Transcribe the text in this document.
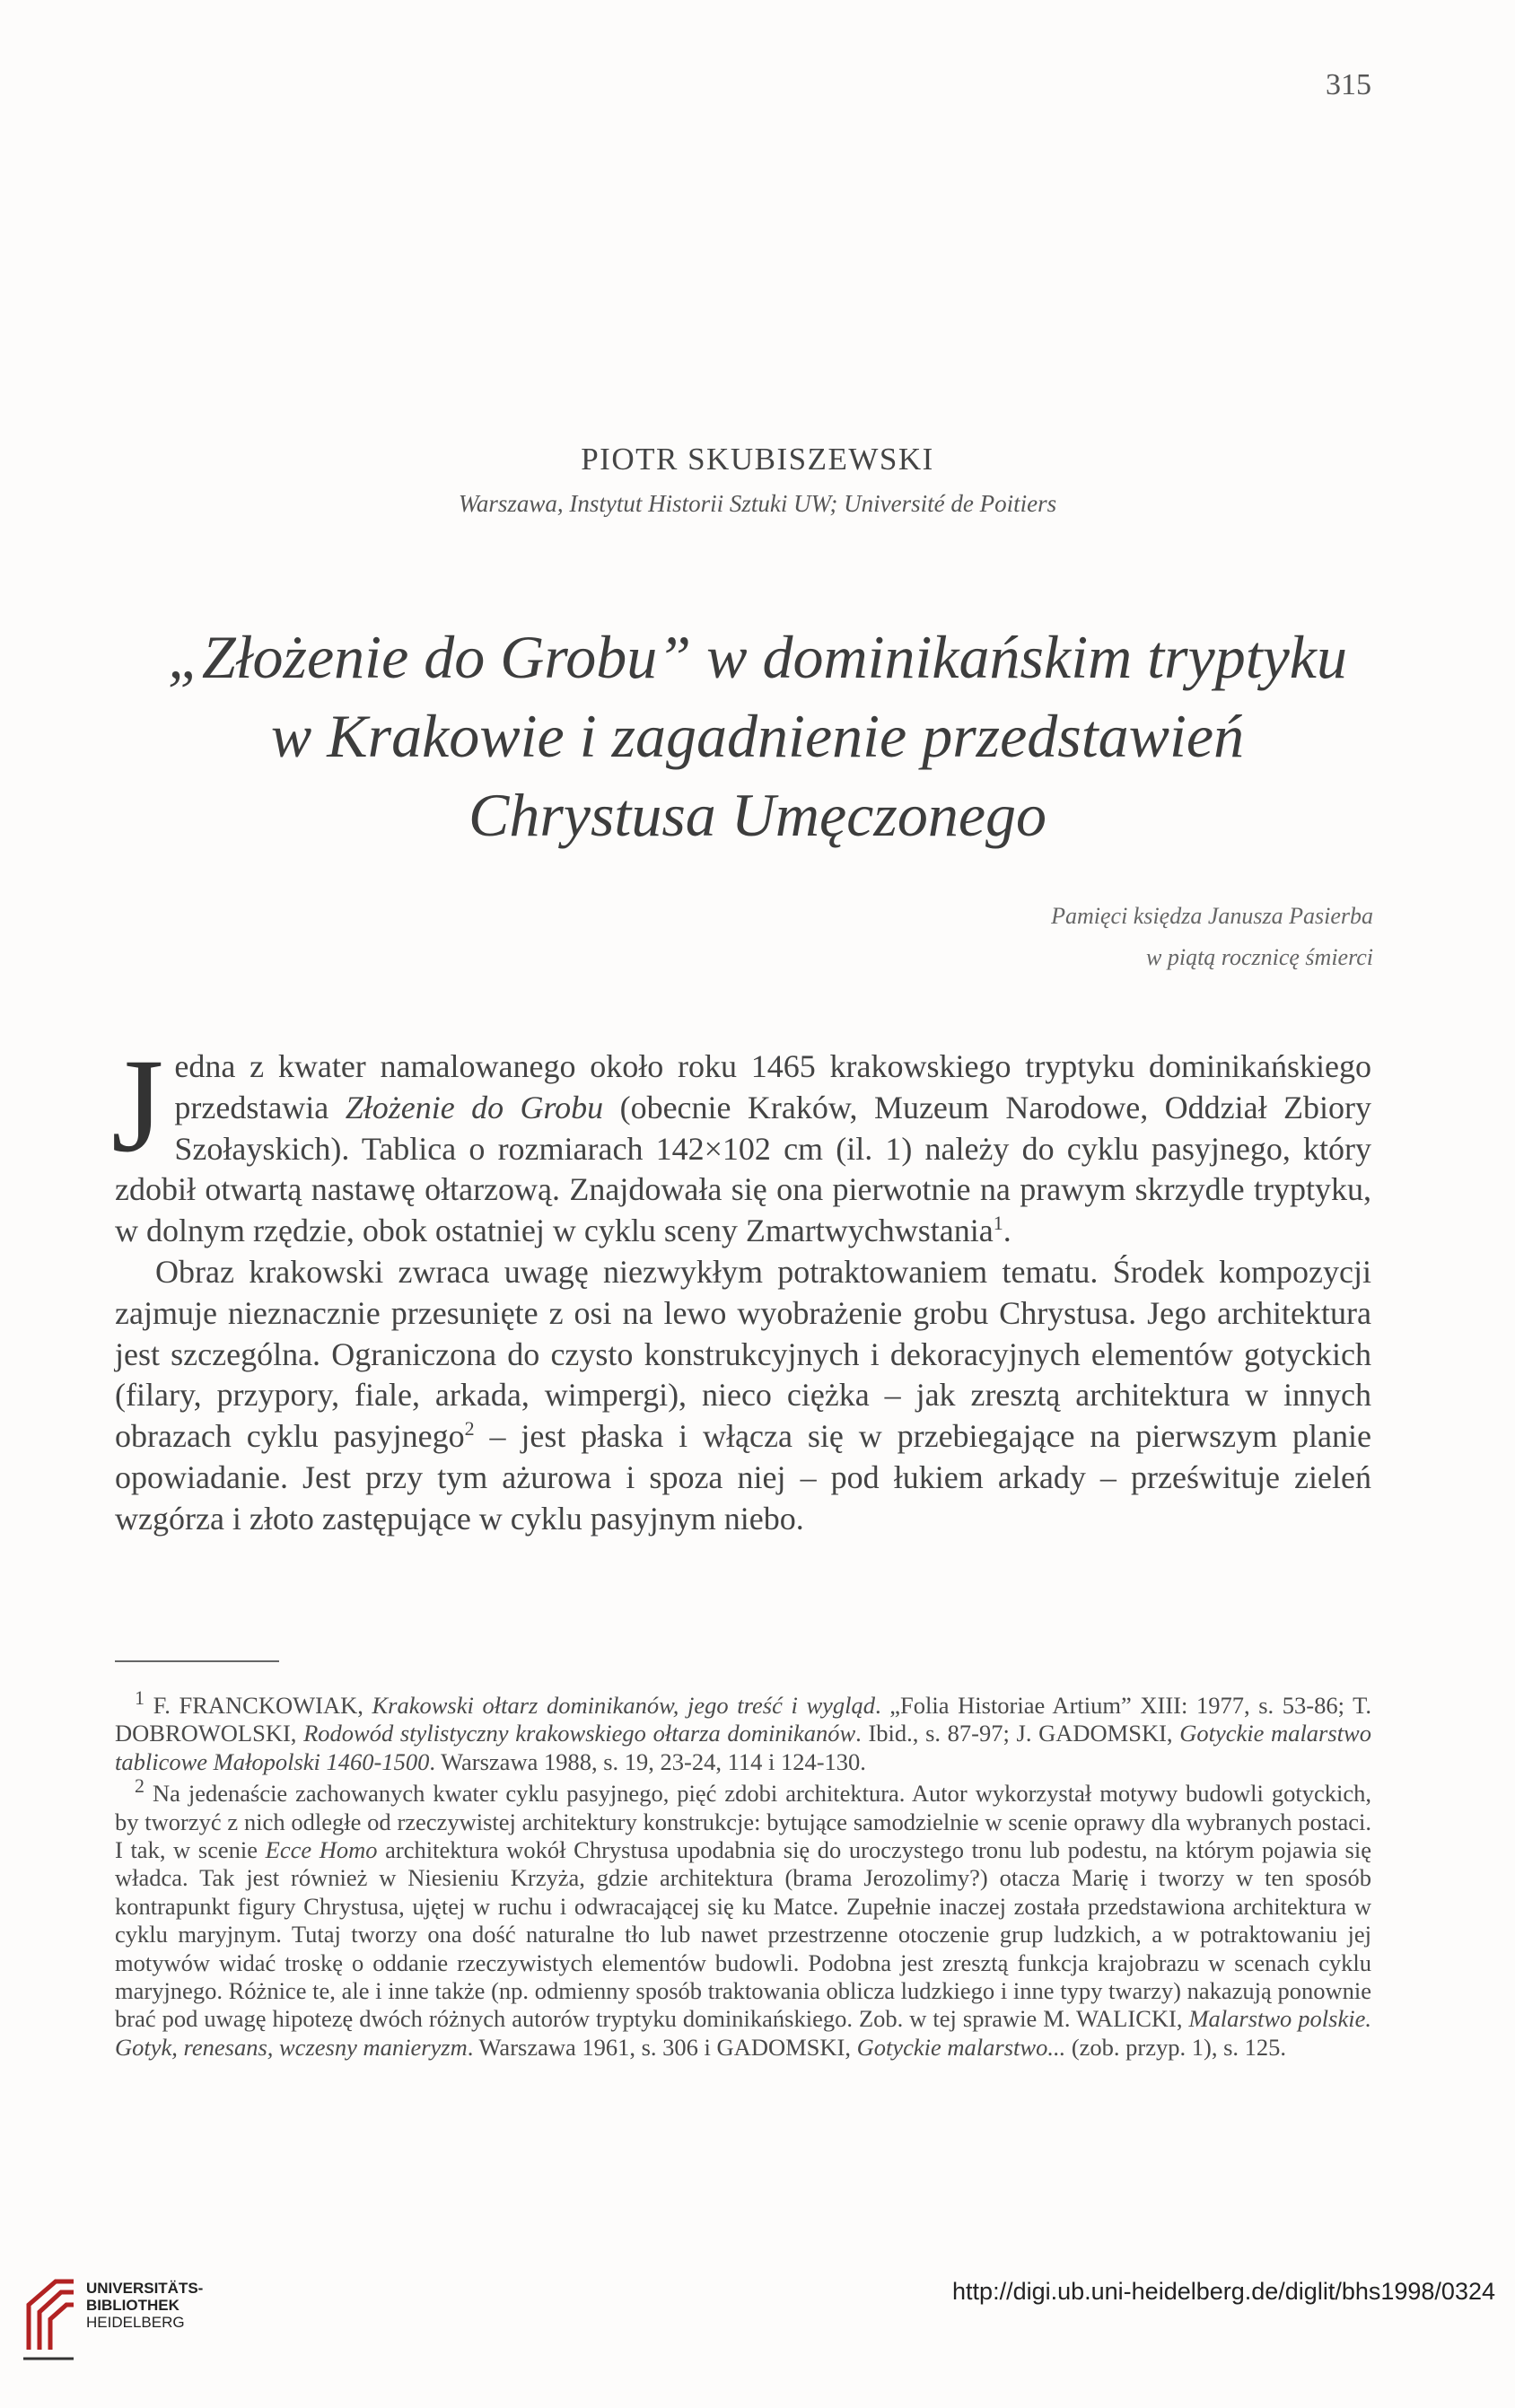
315
PIOTR SKUBISZEWSKI
Warszawa, Instytut Historii Sztuki UW; Université de Poitiers
„Złożenie do Grobu” w dominikańskim tryptyku
w Krakowie i zagadnienie przedstawień
Chrystusa Umęczonego
Pamięci księdza Janusza Pasierba
w piątą rocznicę śmierci

Jedna z kwater namalowanego około roku 1465 krakowskiego tryptyku dominikańskiego przedstawia Złożenie do Grobu (obecnie Kraków, Muzeum Narodowe, Oddział Zbiory Szołayskich). Tablica o rozmiarach 142×102 cm (il. 1) należy do cyklu pasyjnego, który zdobił otwartą nastawę ołtarzową. Znajdowała się ona pierwotnie na prawym skrzydle tryptyku, w dolnym rzędzie, obok ostatniej w cyklu sceny Zmartwychwstania$^1$.

Obraz krakowski zwraca uwagę niezwykłym potraktowaniem tematu. Środek kompozycji zajmuje nieznacznie przesunięte z osi na lewo wyobrażenie grobu Chrystusa. Jego architektura jest szczególna. Ograniczona do czysto konstrukcyjnych i dekoracyjnych elementów gotyckich (filary, przypory, fiale, arkada, wimpergi), nieco ciężka – jak zresztą architektura w innych obrazach cyklu pasyjnego$^2$ – jest płaska i włącza się w przebiegające na pierwszym planie opowiadanie. Jest przy tym ażurowa i spoza niej – pod łukiem arkady – prześwituje zieleń wzgórza i złoto zastępujące w cyklu pasyjnym niebo.

$^1$ F. FRANCKOWIAK, Krakowski ołtarz dominikanów, jego treść i wygląd. „Folia Historiae Artium” XIII: 1977, s. 53-86; T. DOBROWOLSKI, Rodowód stylistyczny krakowskiego ołtarza dominikanów. Ibid., s. 87-97; J. GADOMSKI, Gotyckie malarstwo tablicowe Małopolski 1460-1500. Warszawa 1988, s. 19, 23-24, 114 i 124-130.

$^2$ Na jedenaście zachowanych kwater cyklu pasyjnego, pięć zdobi architektura. Autor wykorzystał motywy budowli gotyckich, by tworzyć z nich odległe od rzeczywistej architektury konstrukcje: bytujące samodzielnie w scenie oprawy dla wybranych postaci. I tak, w scenie Ecce Homo architektura wokół Chrystusa upodabnia się do uroczystego tronu lub podestu, na którym pojawia się władca. Tak jest również w Niesieniu Krzyża, gdzie architektura (brama Jerozolimy?) otacza Marię i tworzy w ten sposób kontrapunkt figury Chrystusa, ujętej w ruchu i odwracającej się ku Matce. Zupełnie inaczej została przedstawiona architektura w cyklu maryjnym. Tutaj tworzy ona dość naturalne tło lub nawet przestrzenne otoczenie grup ludzkich, a w potraktowaniu jej motywów widać troskę o oddanie rzeczywistych elementów budowli. Podobna jest zresztą funkcja krajobrazu w scenach cyklu maryjnego. Różnice te, ale i inne także (np. odmienny sposób traktowania oblicza ludzkiego i inne typy twarzy) nakazują ponownie brać pod uwagę hipotezę dwóch różnych autorów tryptyku dominikańskiego. Zob. w tej sprawie M. WALICKI, Malarstwo polskie. Gotyk, renesans, wczesny manieryzm. Warszawa 1961, s. 306 i GADOMSKI, Gotyckie malarstwo... (zob. przyp. 1), s. 125.

UNIVERSITÄTS-
BIBLIOTHEK
HEIDELBERG
http://digi.ub.uni-heidelberg.de/diglit/bhs1998/0324
